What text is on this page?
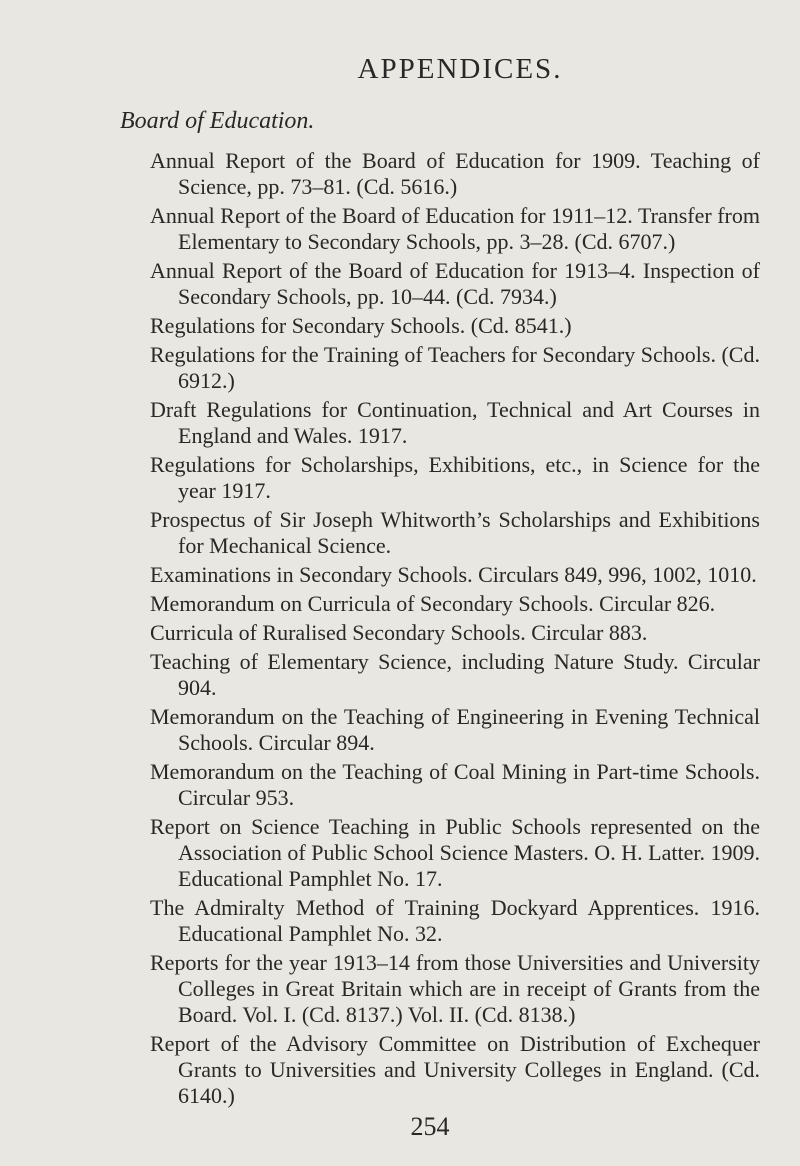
APPENDICES.
Board of Education.
Annual Report of the Board of Education for 1909. Teaching of Science, pp. 73–81. (Cd. 5616.)
Annual Report of the Board of Education for 1911–12. Transfer from Elementary to Secondary Schools, pp. 3–28. (Cd. 6707.)
Annual Report of the Board of Education for 1913–4. Inspection of Secondary Schools, pp. 10–44. (Cd. 7934.)
Regulations for Secondary Schools. (Cd. 8541.)
Regulations for the Training of Teachers for Secondary Schools. (Cd. 6912.)
Draft Regulations for Continuation, Technical and Art Courses in England and Wales. 1917.
Regulations for Scholarships, Exhibitions, etc., in Science for the year 1917.
Prospectus of Sir Joseph Whitworth’s Scholarships and Exhibitions for Mechanical Science.
Examinations in Secondary Schools. Circulars 849, 996, 1002, 1010.
Memorandum on Curricula of Secondary Schools. Circular 826.
Curricula of Ruralised Secondary Schools. Circular 883.
Teaching of Elementary Science, including Nature Study. Circular 904.
Memorandum on the Teaching of Engineering in Evening Technical Schools. Circular 894.
Memorandum on the Teaching of Coal Mining in Part-time Schools. Circular 953.
Report on Science Teaching in Public Schools represented on the Association of Public School Science Masters. O. H. Latter. 1909. Educational Pamphlet No. 17.
The Admiralty Method of Training Dockyard Apprentices. 1916. Educational Pamphlet No. 32.
Reports for the year 1913–14 from those Universities and University Colleges in Great Britain which are in receipt of Grants from the Board. Vol. I. (Cd. 8137.) Vol. II. (Cd. 8138.)
Report of the Advisory Committee on Distribution of Exchequer Grants to Universities and University Colleges in England. (Cd. 6140.)
254
